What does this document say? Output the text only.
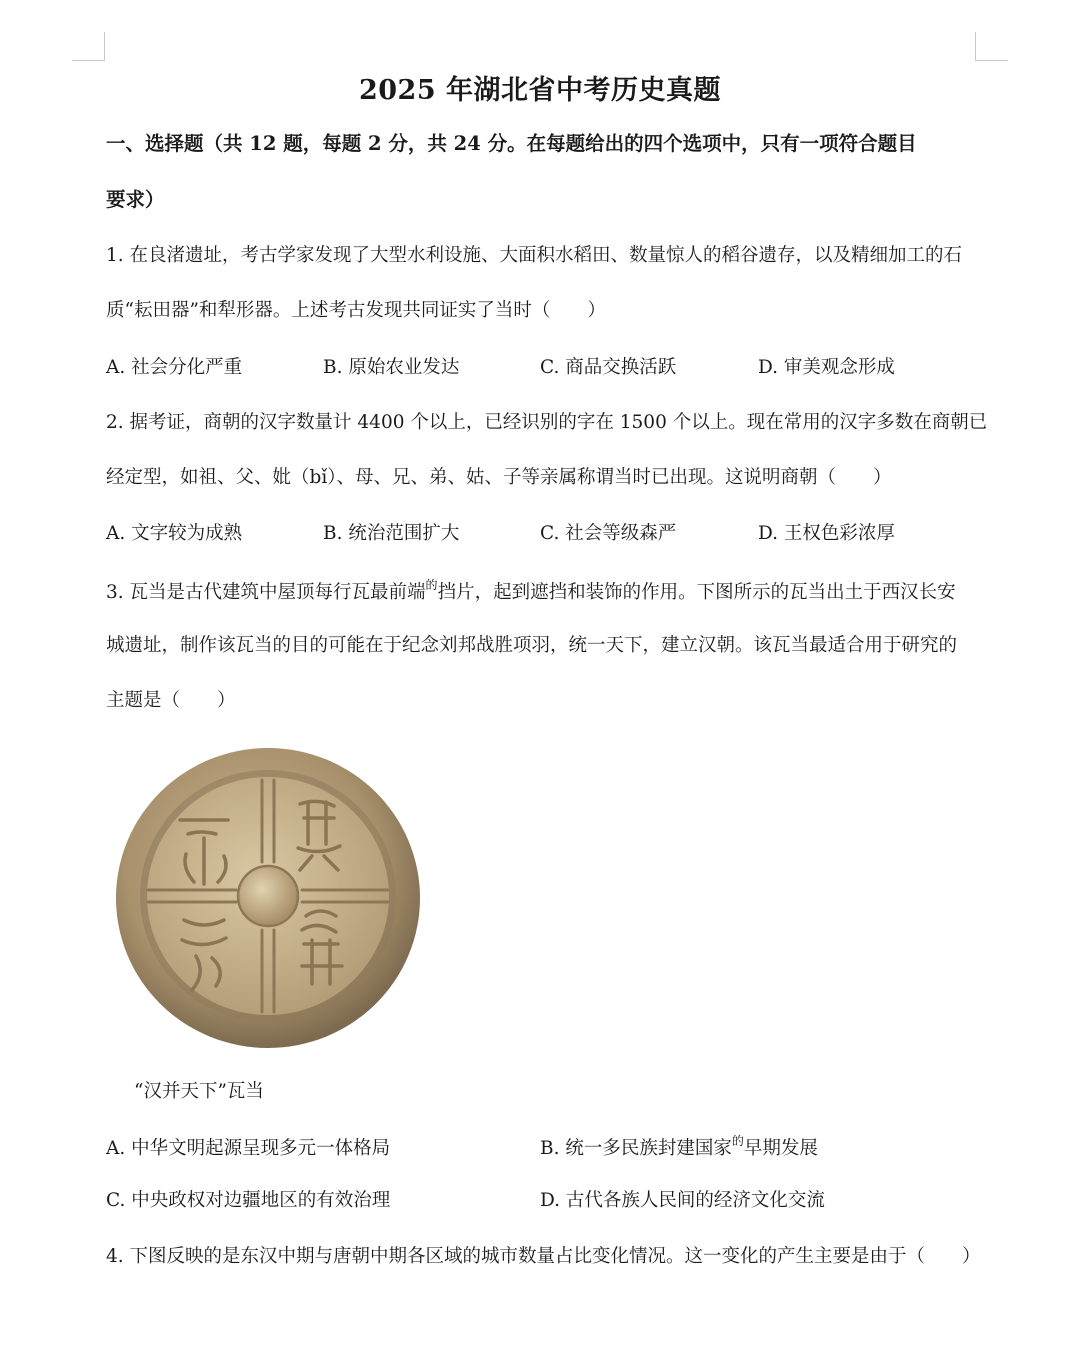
2025 年湖北省中考历史真题
一、选择题（共 12 题，每题 2 分，共 24 分。在每题给出的四个选项中，只有一项符合题目
要求）
1. 在良渚遗址，考古学家发现了大型水利设施、大面积水稻田、数量惊人的稻谷遗存，以及精细加工的石
质“耘田器”和犁形器。上述考古发现共同证实了当时（　　）
A. 社会分化严重	B. 原始农业发达	C. 商品交换活跃	D. 审美观念形成
2. 据考证，商朝的汉字数量计 4400 个以上，已经识别的字在 1500 个以上。现在常用的汉字多数在商朝已
经定型，如祖、父、妣（bǐ）、母、兄、弟、姑、子等亲属称谓当时已出现。这说明商朝（　　）
A. 文字较为成熟	B. 统治范围扩大	C. 社会等级森严	D. 王权色彩浓厚
3. 瓦当是古代建筑中屋顶每行瓦最前端$^的$挡片，起到遮挡和装饰的作用。下图所示的瓦当出土于西汉长安
城遗址，制作该瓦当的目的可能在于纪念刘邦战胜项羽，统一天下，建立汉朝。该瓦当最适合用于研究的
主题是（　　）
“汉并天下”瓦当
A. 中华文明起源呈现多元一体格局	B. 统一多民族封建国家$^的$早期发展
C. 中央政权对边疆地区的有效治理	D. 古代各族人民间的经济文化交流
4. 下图反映的是东汉中期与唐朝中期各区域的城市数量占比变化情况。这一变化的产生主要是由于（　　）
